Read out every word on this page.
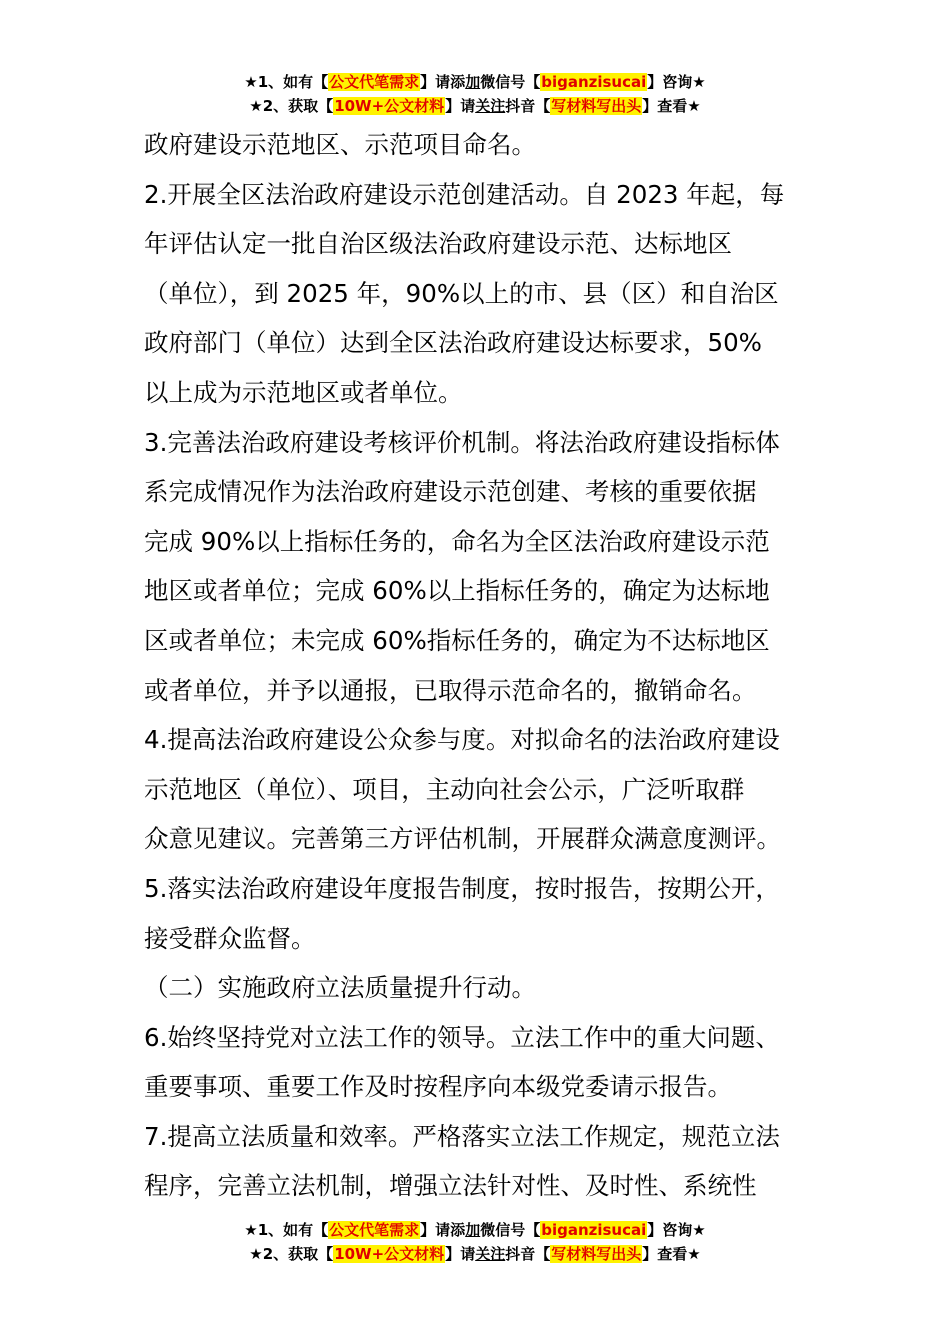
★1、如有【公文代笔需求】请添加微信号【biganzisucai】咨询★
★2、获取【10W+公文材料】请关注抖音【写材料写出头】查看★

政府建设示范地区、示范项目命名。

2.开展全区法治政府建设示范创建活动。自 2023 年起，每

年评估认定一批自治区级法治政府建设示范、达标地区

（单位），到 2025 年，90%以上的市、县（区）和自治区

政府部门（单位）达到全区法治政府建设达标要求，50%

以上成为示范地区或者单位。

3.完善法治政府建设考核评价机制。将法治政府建设指标体

系完成情况作为法治政府建设示范创建、考核的重要依据

完成 90%以上指标任务的，命名为全区法治政府建设示范

地区或者单位；完成 60%以上指标任务的，确定为达标地

区或者单位；未完成 60%指标任务的，确定为不达标地区

或者单位，并予以通报，已取得示范命名的，撤销命名。

4.提高法治政府建设公众参与度。对拟命名的法治政府建设

示范地区（单位）、项目，主动向社会公示，广泛听取群

众意见建议。完善第三方评估机制，开展群众满意度测评。

5.落实法治政府建设年度报告制度，按时报告，按期公开，

接受群众监督。

（二）实施政府立法质量提升行动。

6.始终坚持党对立法工作的领导。立法工作中的重大问题、

重要事项、重要工作及时按程序向本级党委请示报告。

7.提高立法质量和效率。严格落实立法工作规定，规范立法

程序，完善立法机制，增强立法针对性、及时性、系统性

★1、如有【公文代笔需求】请添加微信号【biganzisucai】咨询★
★2、获取【10W+公文材料】请关注抖音【写材料写出头】查看★
